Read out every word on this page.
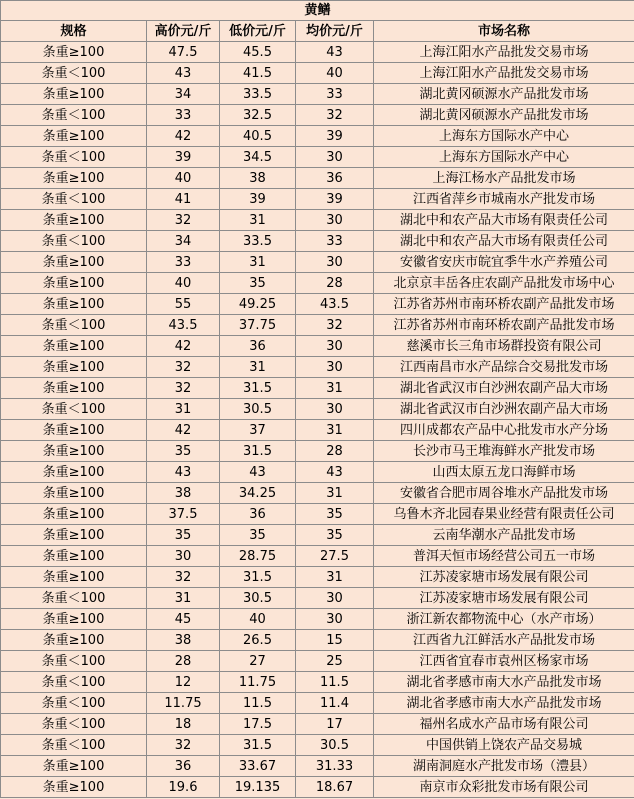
黄鳝				
规格	高价元/斤	低价元/斤	均价元/斤	市场名称
条重≥100	47.5	45.5	43	上海江阳水产品批发交易市场
条重＜100	43	41.5	40	上海江阳水产品批发交易市场
条重≥100	34	33.5	33	湖北黄冈硕源水产品批发市场
条重＜100	33	32.5	32	湖北黄冈硕源水产品批发市场
条重≥100	42	40.5	39	上海东方国际水产中心
条重＜100	39	34.5	30	上海东方国际水产中心
条重≥100	40	38	36	上海江杨水产品批发市场
条重＜100	41	39	39	江西省萍乡市城南水产批发市场
条重≥100	32	31	30	湖北中和农产品大市场有限责任公司
条重＜100	34	33.5	33	湖北中和农产品大市场有限责任公司
条重≥100	33	31	30	安徽省安庆市皖宜季牛水产养殖公司
条重≥100	40	35	28	北京京丰岳各庄农副产品批发市场中心
条重≥100	55	49.25	43.5	江苏省苏州市南环桥农副产品批发市场
条重＜100	43.5	37.75	32	江苏省苏州市南环桥农副产品批发市场
条重≥100	42	36	30	慈溪市长三角市场群投资有限公司
条重≥100	32	31	30	江西南昌市水产品综合交易批发市场
条重≥100	32	31.5	31	湖北省武汉市白沙洲农副产品大市场
条重＜100	31	30.5	30	湖北省武汉市白沙洲农副产品大市场
条重≥100	42	37	31	四川成都农产品中心批发市水产分场
条重≥100	35	31.5	28	长沙市马王堆海鲜水产批发市场
条重≥100	43	43	43	山西太原五龙口海鲜市场
条重≥100	38	34.25	31	安徽省合肥市周谷堆水产品批发市场
条重≥100	37.5	36	35	乌鲁木齐北园春果业经营有限责任公司
条重≥100	35	35	35	云南华潮水产品批发市场
条重≥100	30	28.75	27.5	普洱天恒市场经营公司五一市场
条重≥100	32	31.5	31	江苏凌家塘市场发展有限公司
条重＜100	31	30.5	30	江苏凌家塘市场发展有限公司
条重≥100	45	40	30	浙江新农都物流中心（水产市场）
条重≥100	38	26.5	15	江西省九江鲜活水产品批发市场
条重＜100	28	27	25	江西省宜春市袁州区杨家市场
条重＜100	12	11.75	11.5	湖北省孝感市南大水产品批发市场
条重＜100	11.75	11.5	11.4	湖北省孝感市南大水产品批发市场
条重＜100	18	17.5	17	福州名成水产品市场有限公司
条重＜100	32	31.5	30.5	中国供销上饶农产品交易城
条重≥100	36	33.67	31.33	湖南洞庭水产批发市场（澧县）
条重≥100	19.6	19.135	18.67	南京市众彩批发市场有限公司
